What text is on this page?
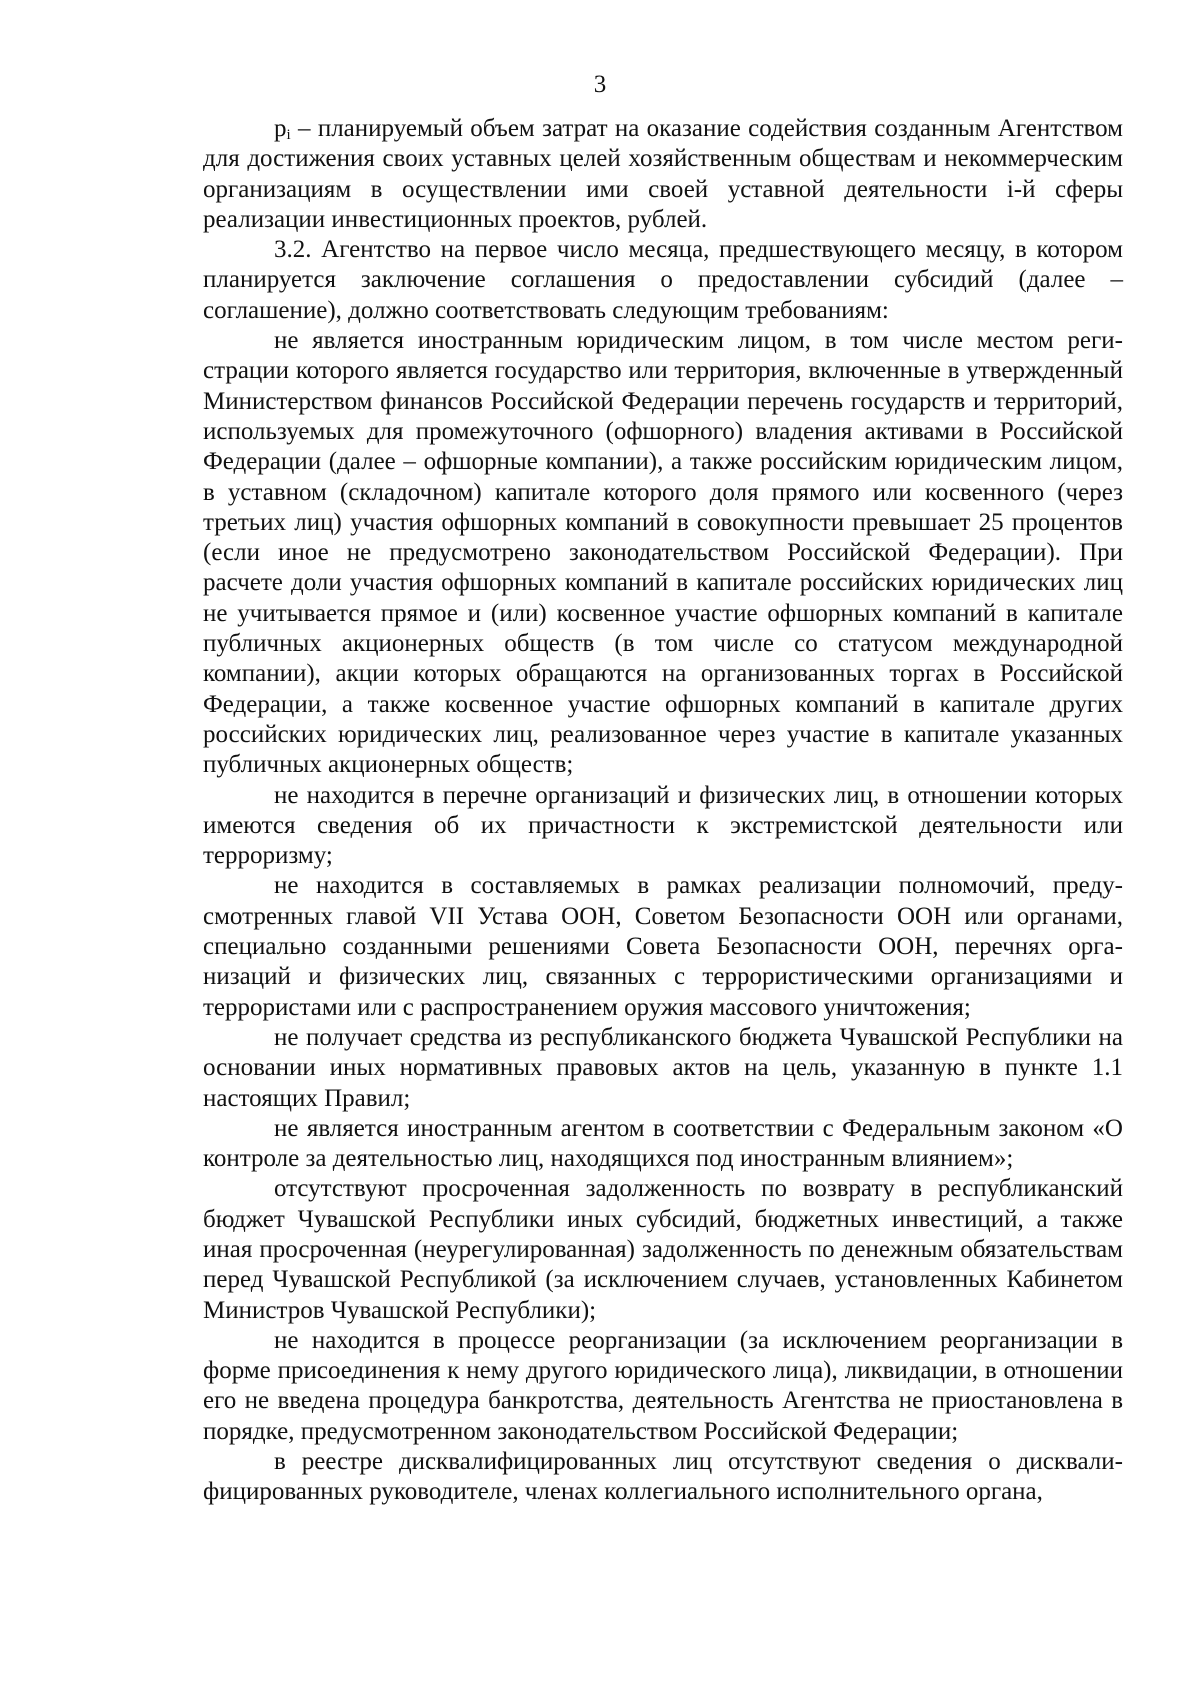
3

pi – планируемый объем затрат на оказание содействия созданным Агентством для достижения своих уставных целей хозяйственным обществам и некоммерческим организациям в осуществлении ими своей уставной деятельности i-й сферы реализации инвестиционных проектов, рублей.

3.2. Агентство на первое число месяца, предшествующего месяцу, в котором планируется заключение соглашения о предоставлении субсидий (далее – соглашение), должно соответствовать следующим требованиям:

не является иностранным юридическим лицом, в том числе местом регистрации которого является государство или территория, включенные в утвержденный Министерством финансов Российской Федерации перечень государств и территорий, используемых для промежуточного (офшорного) владения активами в Российской Федерации (далее – офшорные компании), а также российским юридическим лицом, в уставном (складочном) капитале которого доля прямого или косвенного (через третьих лиц) участия офшорных компаний в совокупности превышает 25 процентов (если иное не предусмотрено законодательством Российской Федерации). При расчете доли участия офшорных компаний в капитале российских юридических лиц не учитывается прямое и (или) косвенное участие офшорных компаний в капитале публичных акционерных обществ (в том числе со статусом международной компании), акции которых обращаются на организованных торгах в Российской Федерации, а также косвенное участие офшорных компаний в капитале других российских юридических лиц, реализованное через участие в капитале указанных публичных акционерных обществ;

не находится в перечне организаций и физических лиц, в отношении которых имеются сведения об их причастности к экстремистской деятельности или терроризму;

не находится в составляемых в рамках реализации полномочий, предусмотренных главой VII Устава ООН, Советом Безопасности ООН или органами, специально созданными решениями Совета Безопасности ООН, перечнях организаций и физических лиц, связанных с террористическими организациями и террористами или с распространением оружия массового уничтожения;

не получает средства из республиканского бюджета Чувашской Республики на основании иных нормативных правовых актов на цель, указанную в пункте 1.1 настоящих Правил;

не является иностранным агентом в соответствии с Федеральным законом «О контроле за деятельностью лиц, находящихся под иностранным влиянием»;

отсутствуют просроченная задолженность по возврату в республиканский бюджет Чувашской Республики иных субсидий, бюджетных инвестиций, а также иная просроченная (неурегулированная) задолженность по денежным обязательствам перед Чувашской Республикой (за исключением случаев, установленных Кабинетом Министров Чувашской Республики);

не находится в процессе реорганизации (за исключением реорганизации в форме присоединения к нему другого юридического лица), ликвидации, в отношении его не введена процедура банкротства, деятельность Агентства не приостановлена в порядке, предусмотренном законодательством Российской Федерации;

в реестре дисквалифицированных лиц отсутствуют сведения о дисквалифицированных руководителе, членах коллегиального исполнительного органа,
